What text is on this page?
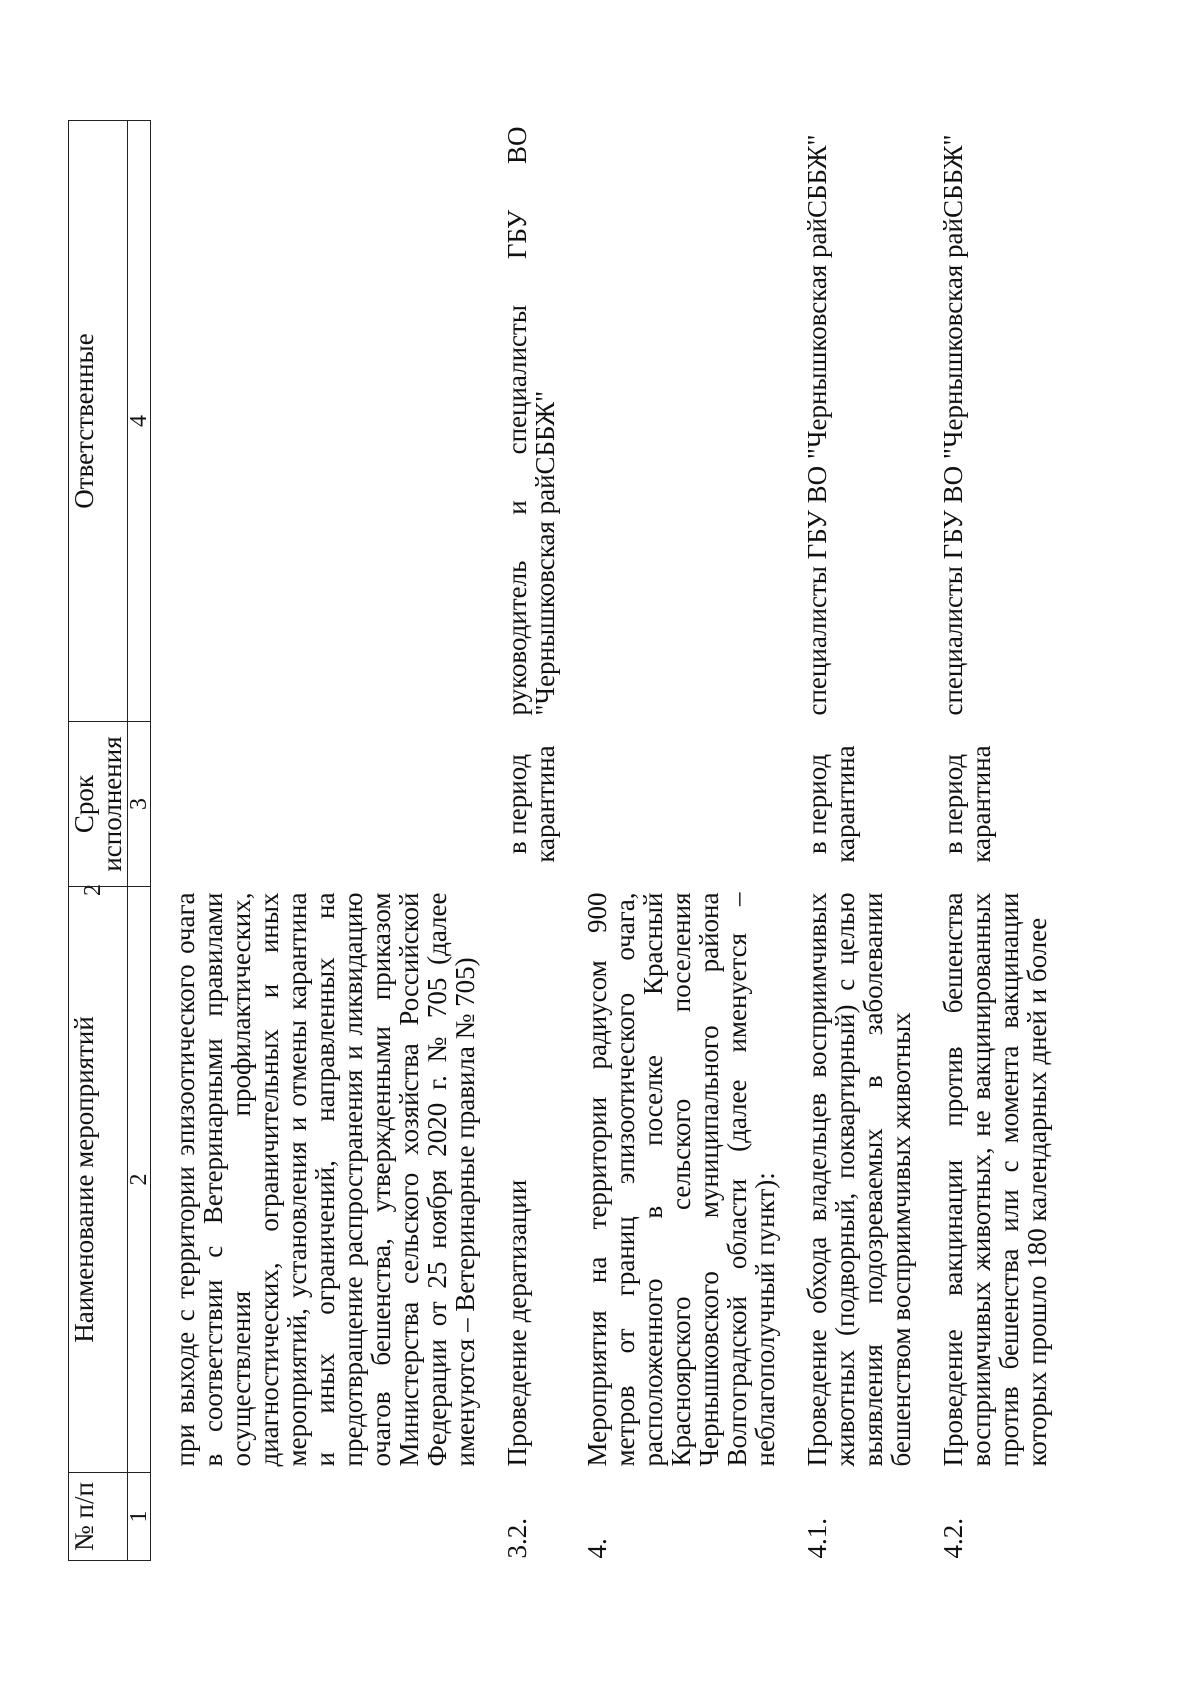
2
№ п/п	Наименование мероприятий	Срок исполнения	Ответственные
1	2	3	4
	при выходе с территории эпизоотического очага в соответствии с Ветеринарными правилами осуществления профилактических, диагностических, ограничительных и иных мероприятий, установления и отмены карантина и иных ограничений, направленных на предотвращение распространения и ликвидацию очагов бешенства, утвержденными приказом Министерства сельского хозяйства Российской Федерации от 25 ноября 2020 г. № 705 (далее именуются – Ветеринарные правила № 705)		
3.2.	Проведение дератизации	в период карантина	руководитель и специалисты ГБУ ВО "Чернышковская райСББЖ"
4.	Мероприятия на территории радиусом 900 метров от границ эпизоотического очага, расположенного в поселке Красный Красноярского сельского поселения Чернышковского муниципального района Волгоградской области (далее именуется – неблагополучный пункт):		
4.1.	Проведение обхода владельцев восприимчивых животных (подворный, поквартирный) с целью выявления подозреваемых в заболевании бешенством восприимчивых животных	в период карантина	специалисты ГБУ ВО "Чернышковская райСББЖ"
4.2.	Проведение вакцинации против бешенства восприимчивых животных, не вакцинированных против бешенства или с момента вакцинации которых прошло 180 календарных дней и более	в период карантина	специалисты ГБУ ВО "Чернышковская райСББЖ"
